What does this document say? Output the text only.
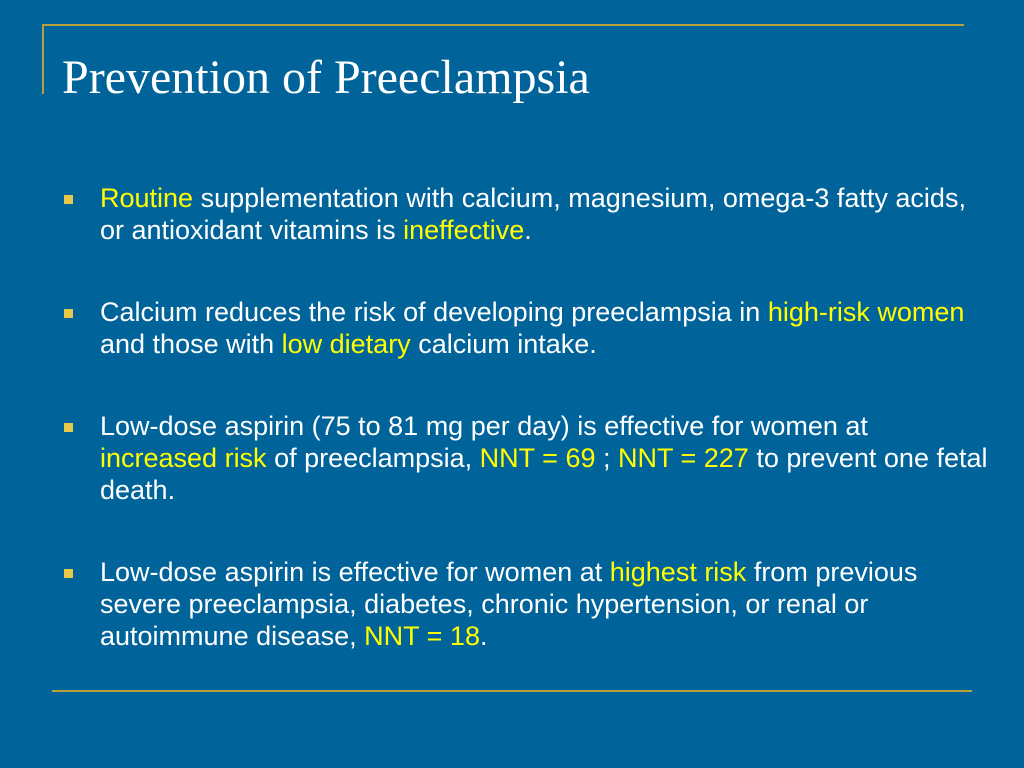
Prevention of Preeclampsia
Routine supplementation with calcium, magnesium, omega-3 fatty acids, or antioxidant vitamins is ineffective.
Calcium reduces the risk of developing preeclampsia in high-risk women and those with low dietary calcium intake.
Low-dose aspirin (75 to 81 mg per day) is effective for women at increased risk of preeclampsia, NNT = 69 ; NNT = 227 to prevent one fetal death.
Low-dose aspirin is effective for women at highest risk from previous severe preeclampsia, diabetes, chronic hypertension, or renal or autoimmune disease, NNT = 18.
